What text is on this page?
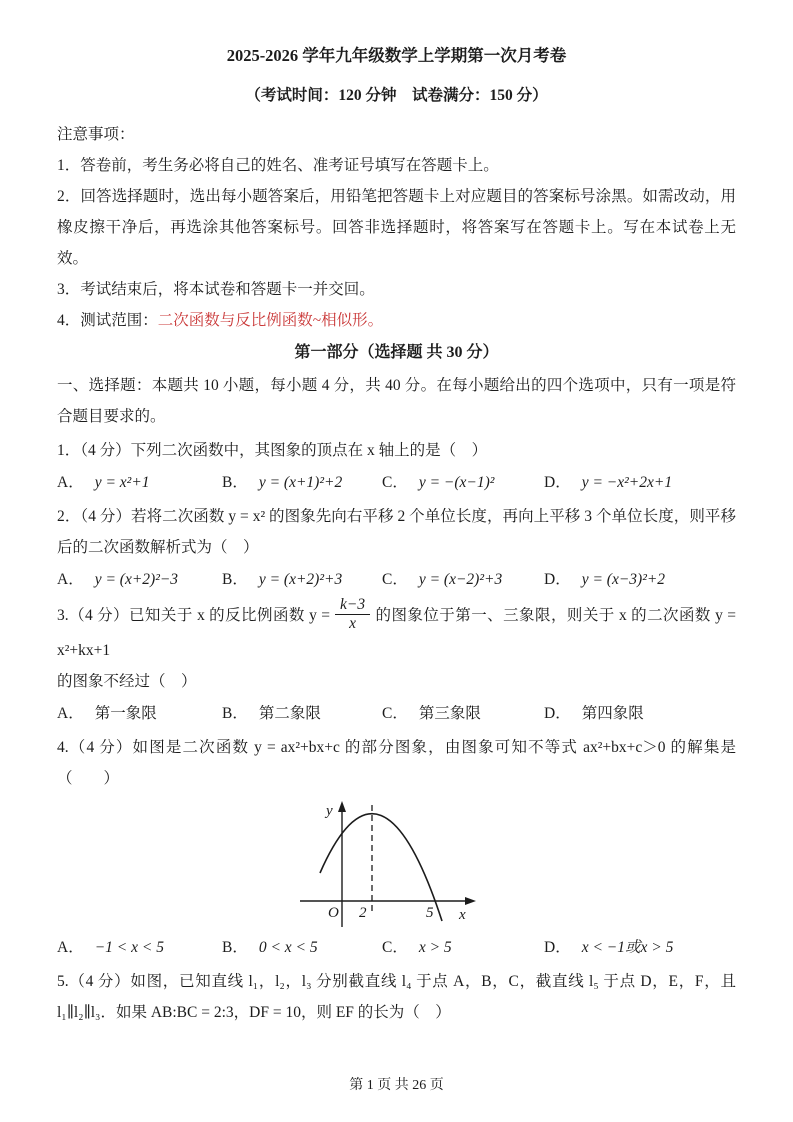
2025-2026 学年九年级数学上学期第一次月考卷

（考试时间：120 分钟　试卷满分：150 分）

注意事项：

1．答卷前，考生务必将自己的姓名、准考证号填写在答题卡上。

2．回答选择题时，选出每小题答案后，用铅笔把答题卡上对应题目的答案标号涂黑。如需改动，用橡皮擦干净后，再选涂其他答案标号。回答非选择题时，将答案写在答题卡上。写在本试卷上无效。

3．考试结束后，将本试卷和答题卡一并交回。

4．测试范围：二次函数与反比例函数~相似形。

第一部分（选择题 共 30 分）

一、选择题：本题共 10 小题，每小题 4 分，共 40 分。在每小题给出的四个选项中，只有一项是符合题目要求的。

1．（4 分）下列二次函数中，其图象的顶点在 x 轴上的是（　）

A． y = x²+1	B． y = (x+1)²+2	C． y = −(x−1)²	D． y = −x²+2x+1

2．（4 分）若将二次函数 y = x² 的图象先向右平移 2 个单位长度，再向上平移 3 个单位长度，则平移后的二次函数解析式为（　）

A． y = (x+2)²−3	B． y = (x+2)²+3	C． y = (x−2)²+3	D． y = (x−3)²+2

3.（4 分）已知关于 x 的反比例函数 $y = \frac{k-3}{x}$ 的图象位于第一、三象限，则关于 x 的二次函数 y = x²+kx+1

的图象不经过（　）

A． 第一象限	B． 第二象限	C． 第三象限	D． 第四象限

4.（4 分）如图是二次函数 y = ax²+bx+c 的部分图象，由图象可知不等式 ax²+bx+c＞0 的解集是（　　）

y
x
O 2	5
A． −1 < x < 5	B． 0 < x < 5	C． x > 5	D． x < −1或x > 5

5.（4 分）如图，已知直线 l₁，l₂，l₃ 分别截直线 l₄ 于点 A，B，C，截直线 l₅ 于点 D，E，F，且 l₁∥l₂∥l₃．如果 AB:BC = 2:3，DF = 10，则 EF 的长为（　）

第 1 页 共 26 页
